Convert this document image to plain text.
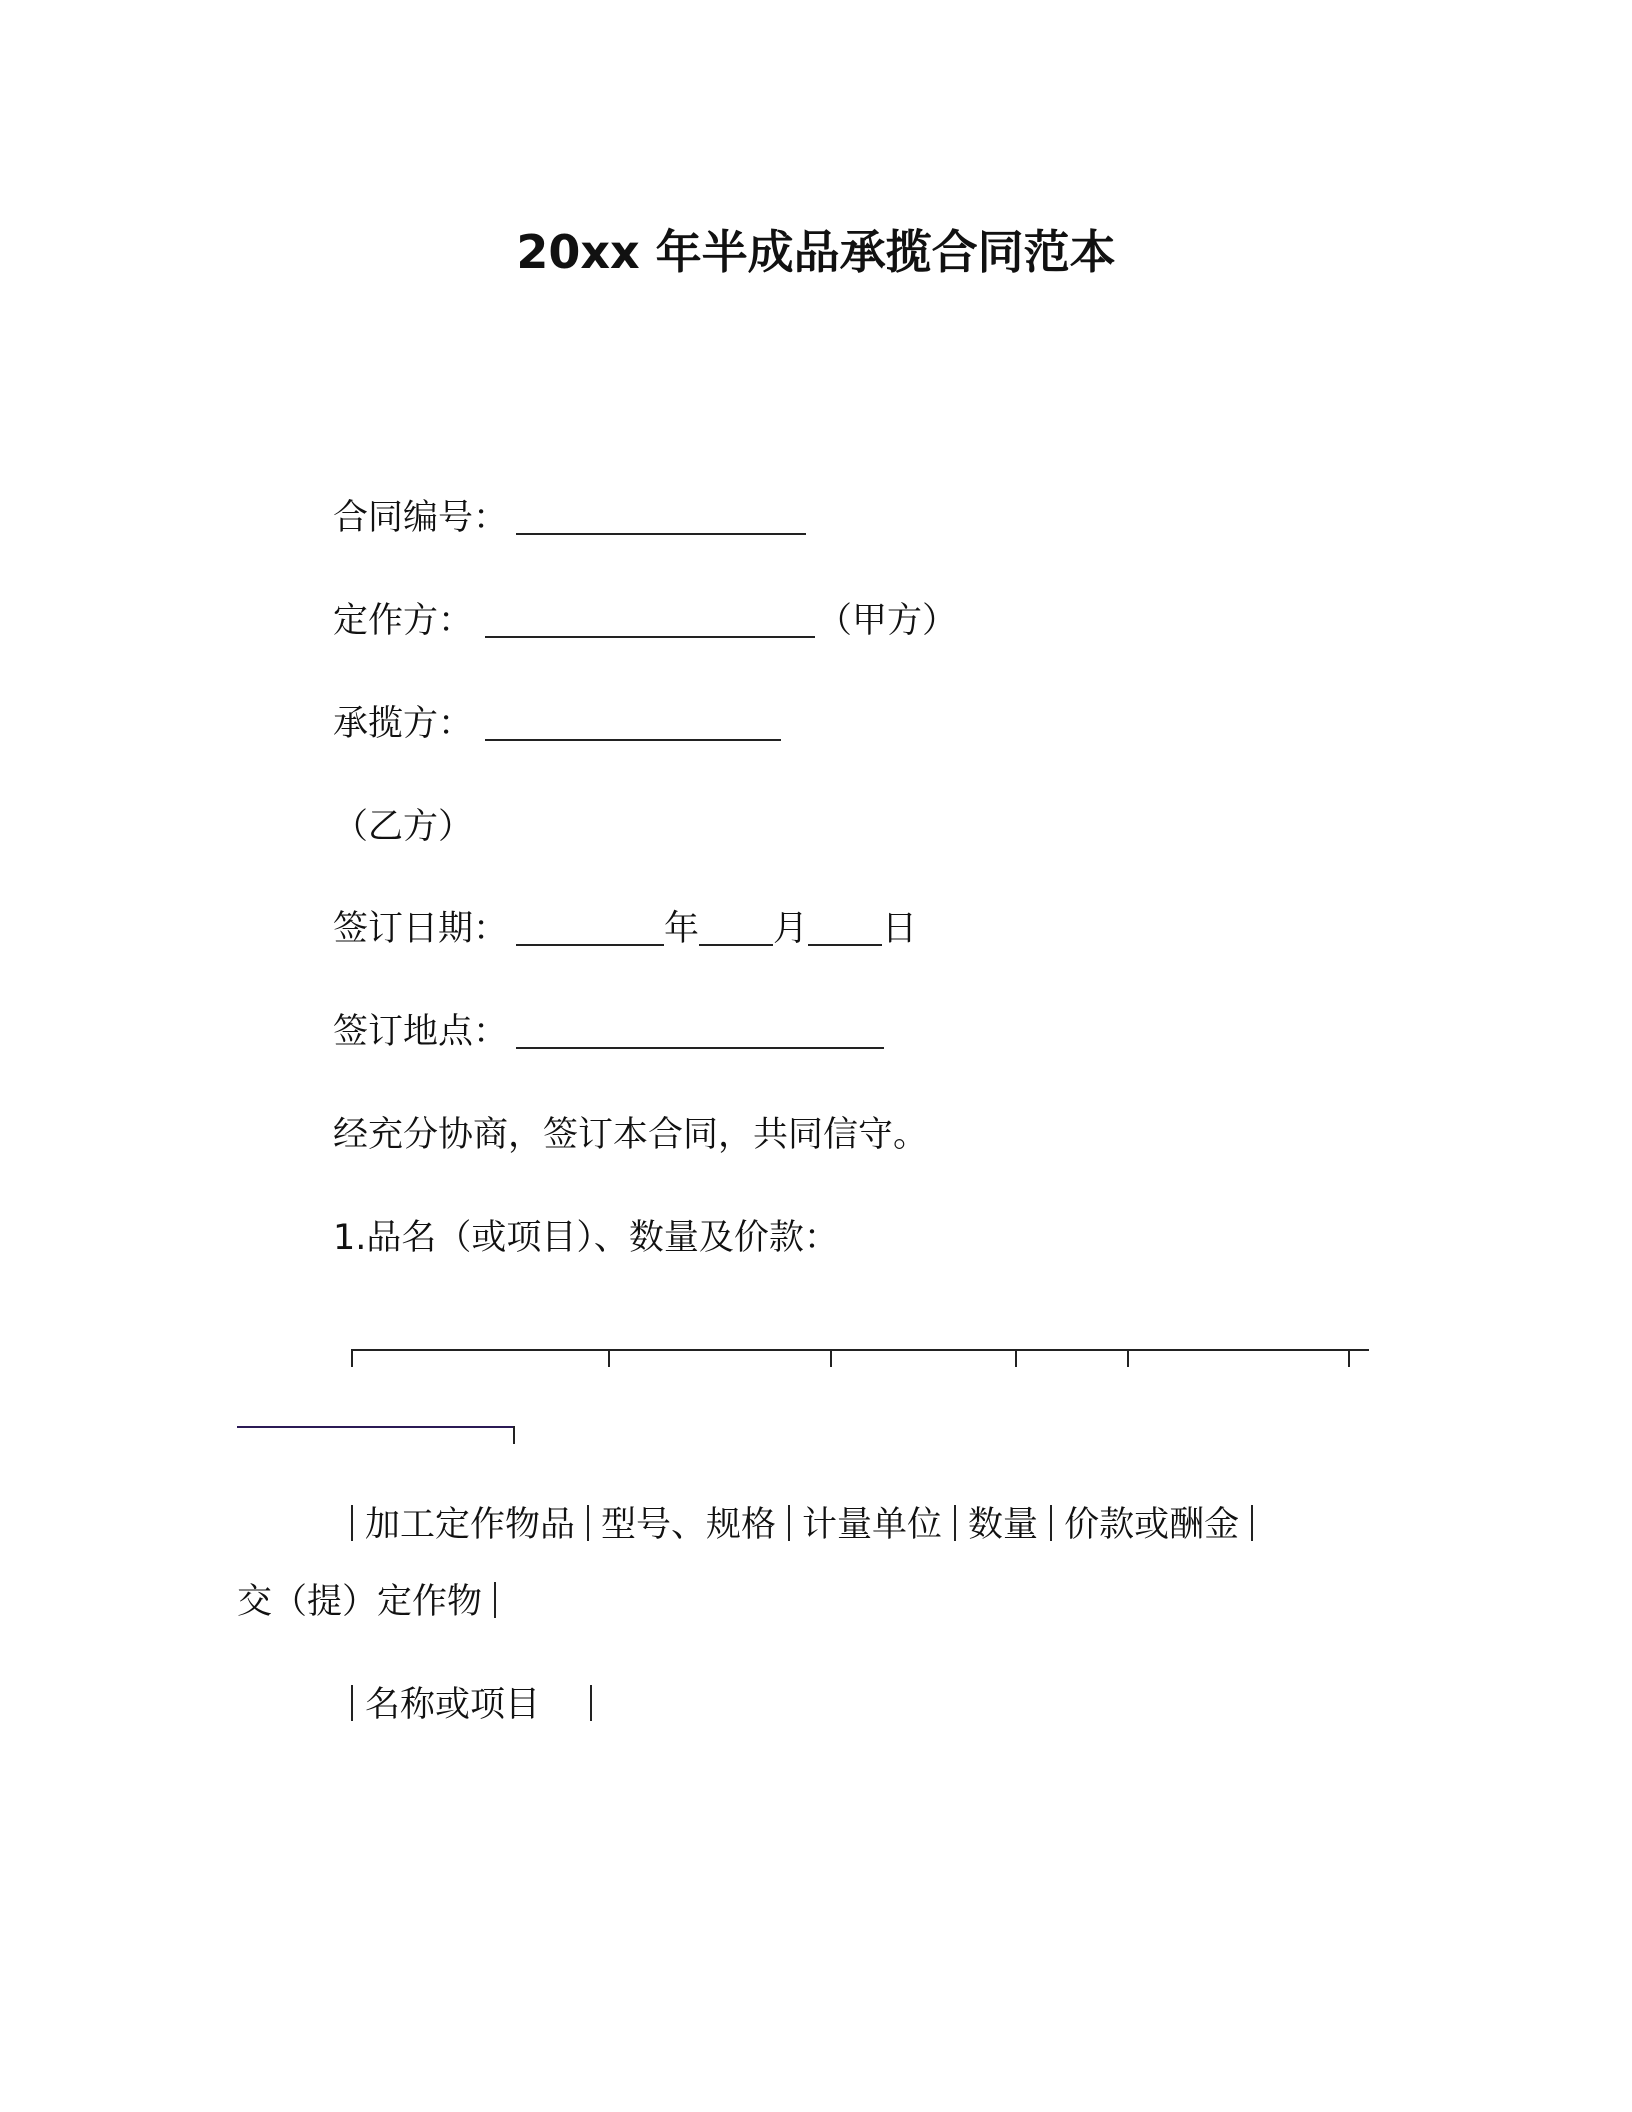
20xx 年半成品承揽合同范本
合同编号：
定作方：	（甲方）
承揽方：
（乙方）
签订日期：	年 月 日
签订地点：
经充分协商，签订本合同，共同信守。
1.品名（或项目）、数量及价款：
加工定作物品 型号、规格 计量单位 数量 价款或酬金
交（提）定作物
名称或项目
